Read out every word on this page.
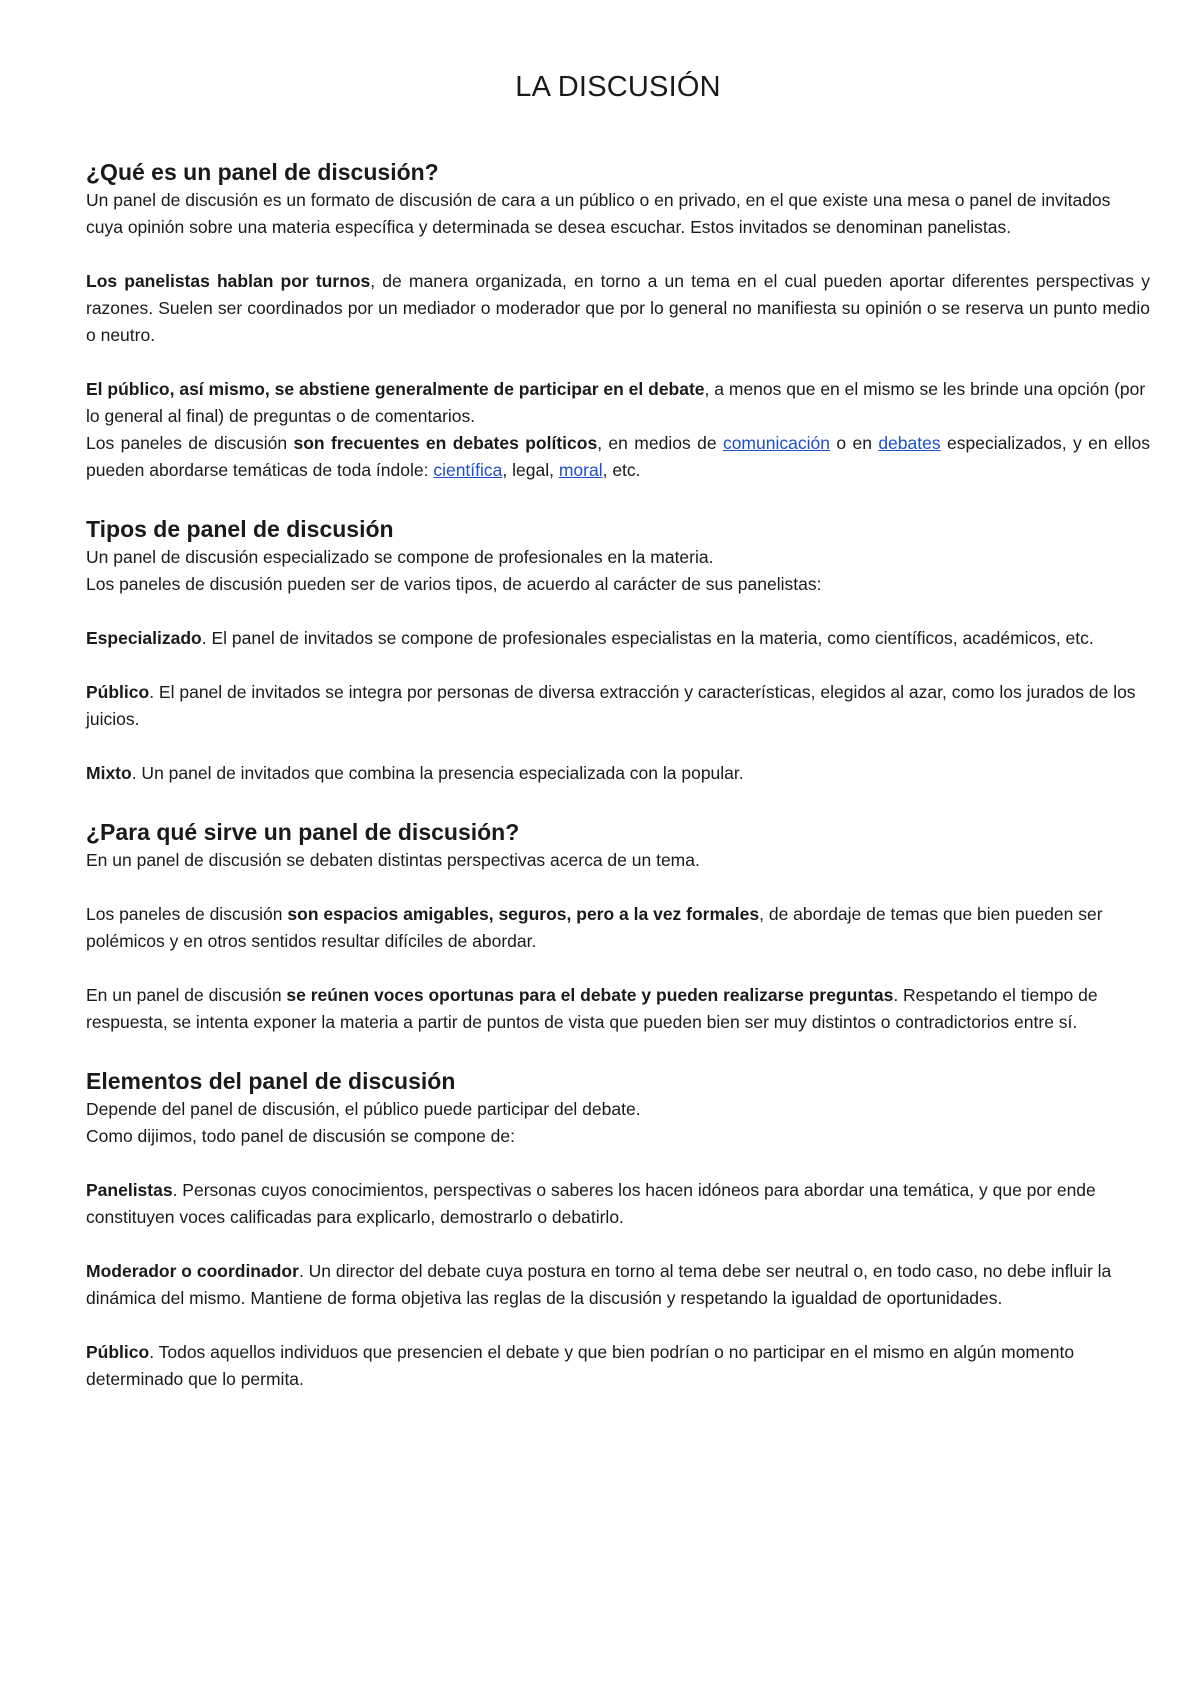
LA DISCUSIÓN
¿Qué es un panel de discusión?

Un panel de discusión es un formato de discusión de cara a un público o en privado, en el que existe una mesa o panel de invitados cuya opinión sobre una materia específica y determinada se desea escuchar. Estos invitados se denominan panelistas.

Los panelistas hablan por turnos, de manera organizada, en torno a un tema en el cual pueden aportar diferentes perspectivas y razones. Suelen ser coordinados por un mediador o moderador que por lo general no manifiesta su opinión o se reserva un punto medio o neutro.

El público, así mismo, se abstiene generalmente de participar en el debate, a menos que en el mismo se les brinde una opción (por lo general al final) de preguntas o de comentarios.

Los paneles de discusión son frecuentes en debates políticos, en medios de comunicación o en debates especializados, y en ellos pueden abordarse temáticas de toda índole: científica, legal, moral, etc.

Tipos de panel de discusión

Un panel de discusión especializado se compone de profesionales en la materia.

Los paneles de discusión pueden ser de varios tipos, de acuerdo al carácter de sus panelistas:

Especializado. El panel de invitados se compone de profesionales especialistas en la materia, como científicos, académicos, etc.

Público. El panel de invitados se integra por personas de diversa extracción y características, elegidos al azar, como los jurados de los juicios.

Mixto. Un panel de invitados que combina la presencia especializada con la popular.

¿Para qué sirve un panel de discusión?

En un panel de discusión se debaten distintas perspectivas acerca de un tema.

Los paneles de discusión son espacios amigables, seguros, pero a la vez formales, de abordaje de temas que bien pueden ser polémicos y en otros sentidos resultar difíciles de abordar.

En un panel de discusión se reúnen voces oportunas para el debate y pueden realizarse preguntas. Respetando el tiempo de respuesta, se intenta exponer la materia a partir de puntos de vista que pueden bien ser muy distintos o contradictorios entre sí.

Elementos del panel de discusión

Depende del panel de discusión, el público puede participar del debate.

Como dijimos, todo panel de discusión se compone de:

Panelistas. Personas cuyos conocimientos, perspectivas o saberes los hacen idóneos para abordar una temática, y que por ende constituyen voces calificadas para explicarlo, demostrarlo o debatirlo.

Moderador o coordinador. Un director del debate cuya postura en torno al tema debe ser neutral o, en todo caso, no debe influir la dinámica del mismo. Mantiene de forma objetiva las reglas de la discusión y respetando la igualdad de oportunidades.

Público. Todos aquellos individuos que presencien el debate y que bien podrían o no participar en el mismo en algún momento determinado que lo permita.
